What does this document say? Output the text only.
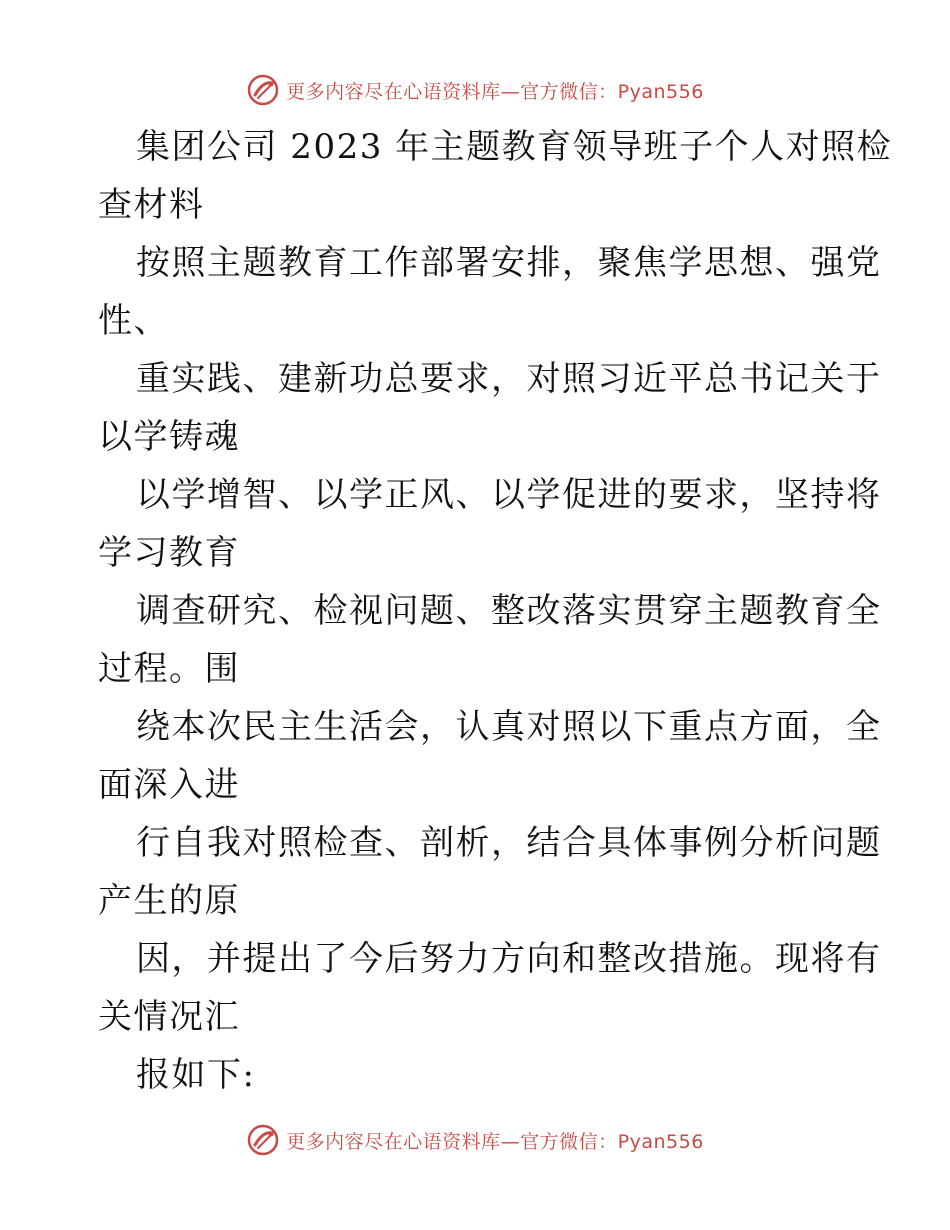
更多内容尽在心语资料库—官方微信：Pyan556
集团公司 2023 年主题教育领导班子个人对照检
查材料
按照主题教育工作部署安排，聚焦学思想、强党
性、
重实践、建新功总要求，对照习近平总书记关于
以学铸魂
以学增智、以学正风、以学促进的要求，坚持将
学习教育
调查研究、检视问题、整改落实贯穿主题教育全
过程。围
绕本次民主生活会，认真对照以下重点方面，全
面深入进
行自我对照检查、剖析，结合具体事例分析问题
产生的原
因，并提出了今后努力方向和整改措施。现将有
关情况汇
报如下:
更多内容尽在心语资料库—官方微信：Pyan556
